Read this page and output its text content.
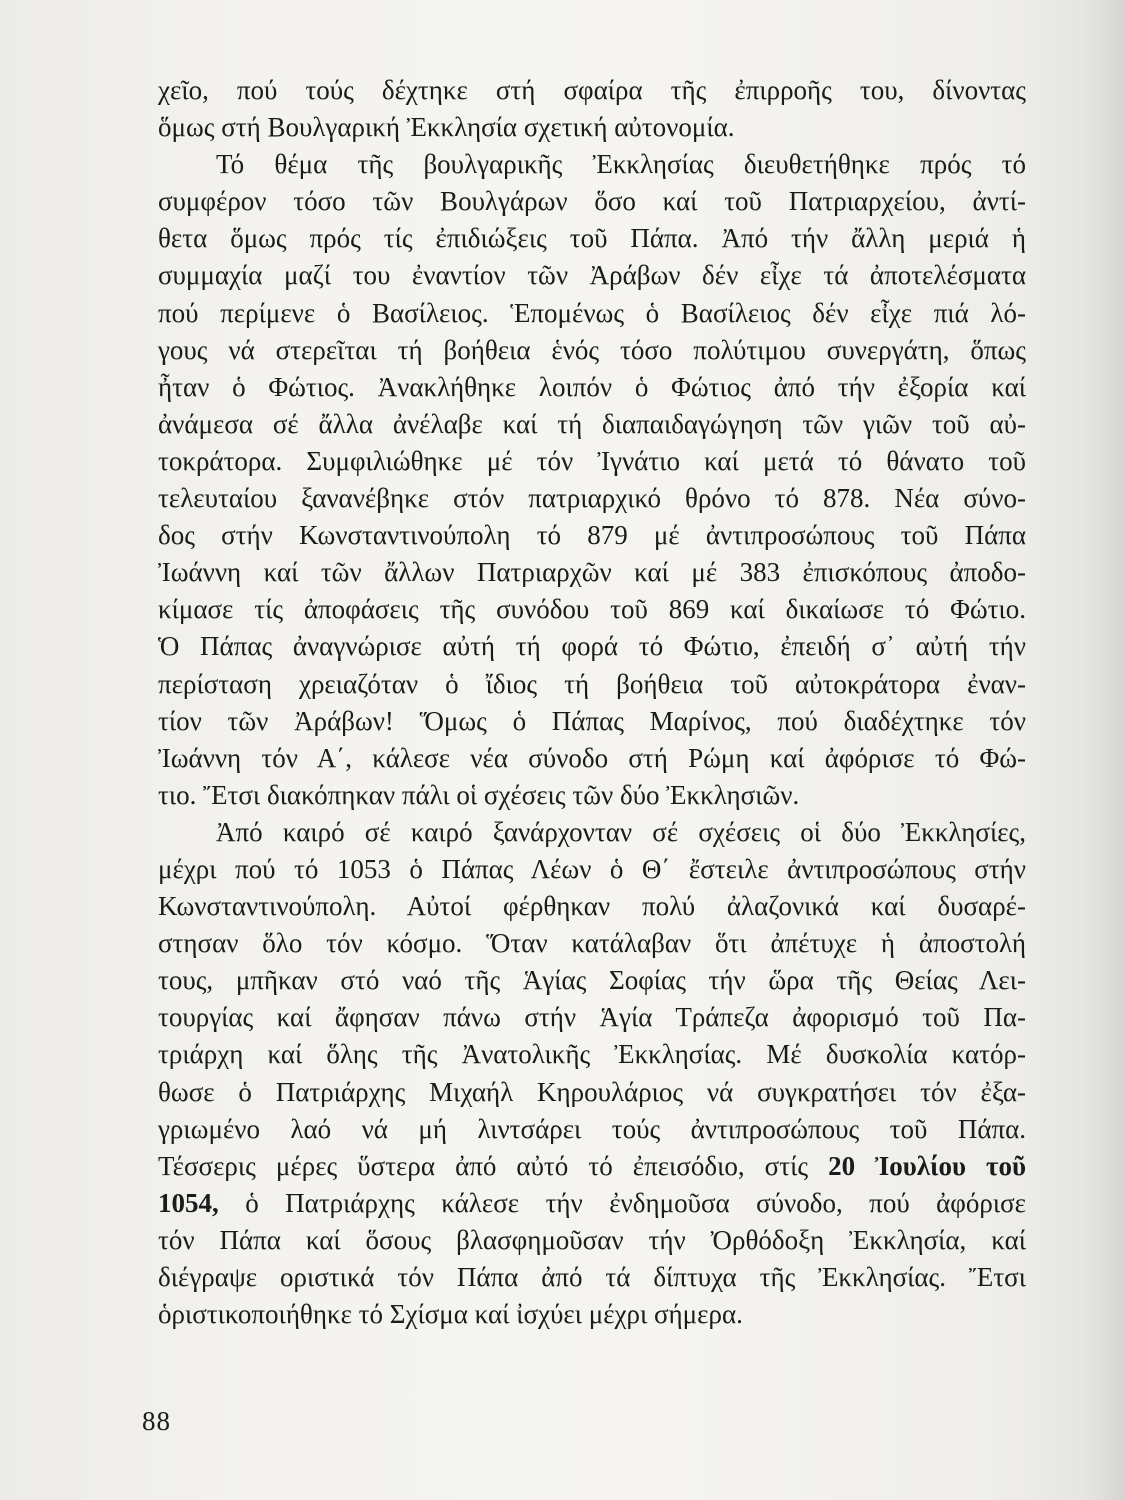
χεῖο, πού τούς δέχτηκε στή σφαίρα τῆς ἐπιρροῆς του, δίνοντας
ὅμως στή Βουλγαρική Ἐκκλησία σχετική αὐτονομία.

Τό θέμα τῆς βουλγαρικῆς Ἐκκλησίας διευθετήθηκε πρός τό
συμφέρον τόσο τῶν Βουλγάρων ὅσο καί τοῦ Πατριαρχείου, ἀντί-
θετα ὅμως πρός τίς ἐπιδιώξεις τοῦ Πάπα. Ἀπό τήν ἄλλη μεριά ἡ
συμμαχία μαζί του ἐναντίον τῶν Ἀράβων δέν εἶχε τά ἀποτελέσματα
πού περίμενε ὁ Βασίλειος. Ἑπομένως ὁ Βασίλειος δέν εἶχε πιά λό-
γους νά στερεῖται τή βοήθεια ἑνός τόσο πολύτιμου συνεργάτη, ὅπως
ἦταν ὁ Φώτιος. Ἀνακλήθηκε λοιπόν ὁ Φώτιος ἀπό τήν ἐξορία καί
ἀνάμεσα σέ ἄλλα ἀνέλαβε καί τή διαπαιδαγώγηση τῶν γιῶν τοῦ αὐ-
τοκράτορα. Συμφιλιώθηκε μέ τόν Ἰγνάτιο καί μετά τό θάνατο τοῦ
τελευταίου ξανανέβηκε στόν πατριαρχικό θρόνο τό 878. Νέα σύνο-
δος στήν Κωνσταντινούπολη τό 879 μέ ἀντιπροσώπους τοῦ Πάπα
Ἰωάννη καί τῶν ἄλλων Πατριαρχῶν καί μέ 383 ἐπισκόπους ἀποδο-
κίμασε τίς ἀποφάσεις τῆς συνόδου τοῦ 869 καί δικαίωσε τό Φώτιο.
Ὁ Πάπας ἀναγνώρισε αὐτή τή φορά τό Φώτιο, ἐπειδή σ᾽ αὐτή τήν
περίσταση χρειαζόταν ὁ ἴδιος τή βοήθεια τοῦ αὐτοκράτορα ἐναν-
τίον τῶν Ἀράβων! Ὅμως ὁ Πάπας Μαρίνος, πού διαδέχτηκε τόν
Ἰωάννη τόν Α΄, κάλεσε νέα σύνοδο στή Ρώμη καί ἀφόρισε τό Φώ-
τιο. Ἔτσι διακόπηκαν πάλι οἱ σχέσεις τῶν δύο Ἐκκλησιῶν.

Ἀπό καιρό σέ καιρό ξανάρχονταν σέ σχέσεις οἱ δύο Ἐκκλησίες,
μέχρι πού τό 1053 ὁ Πάπας Λέων ὁ Θ΄ ἔστειλε ἀντιπροσώπους στήν
Κωνσταντινούπολη. Αὐτοί φέρθηκαν πολύ ἀλαζονικά καί δυσαρέ-
στησαν ὅλο τόν κόσμο. Ὅταν κατάλαβαν ὅτι ἀπέτυχε ἡ ἀποστολή
τους, μπῆκαν στό ναό τῆς Ἁγίας Σοφίας τήν ὥρα τῆς Θείας Λει-
τουργίας καί ἄφησαν πάνω στήν Ἁγία Τράπεζα ἀφορισμό τοῦ Πα-
τριάρχη καί ὅλης τῆς Ἀνατολικῆς Ἐκκλησίας. Μέ δυσκολία κατόρ-
θωσε ὁ Πατριάρχης Μιχαήλ Κηρουλάριος νά συγκρατήσει τόν ἐξα-
γριωμένο λαό νά μή λιντσάρει τούς ἀντιπροσώπους τοῦ Πάπα.
Τέσσερις μέρες ὕστερα ἀπό αὐτό τό ἐπεισόδιο, στίς 20 Ἰουλίου τοῦ
1054, ὁ Πατριάρχης κάλεσε τήν ἐνδημοῦσα σύνοδο, πού ἀφόρισε
τόν Πάπα καί ὅσους βλασφημοῦσαν τήν Ὀρθόδοξη Ἐκκλησία, καί
διέγραψε οριστικά τόν Πάπα ἀπό τά δίπτυχα τῆς Ἐκκλησίας. Ἔτσι
ὁριστικοποιήθηκε τό Σχίσμα καί ἰσχύει μέχρι σήμερα.

88
